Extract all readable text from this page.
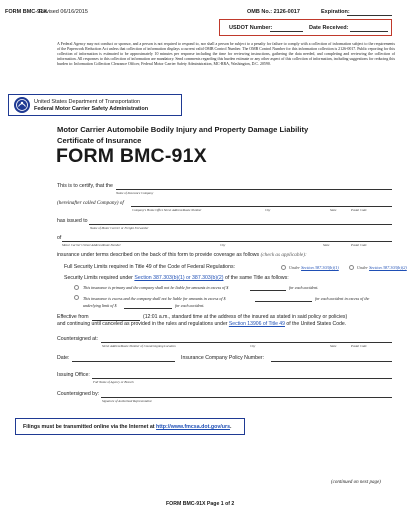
FORM BMC-91X
Revised 06/16/2015	OMB No.: 2126-0017	Expiration:
USDOT Number:	Date Received:
A Federal Agency may not conduct or sponsor, and a person is not required to respond to, nor shall a person be subject to a penalty for failure to comply with a collection of information subject to the requirements of the Paperwork Reduction Act unless that collection of information displays a current valid OMB Control Number. The OMB Control Number for this information collection is 2126-0017. Public reporting for this collection of information is estimated to be approximately 10 minutes per response including the time for reviewing instructions, gathering the data needed, and completing and reviewing the collection of information. All responses to this collection of information are mandatory. Send comments regarding this burden estimate or any other aspect of this collection of information, including suggestions for reducing this burden to: Information Collection Clearance Officer, Federal Motor Carrier Safety Administration, MC-RRA, Washington, D.C. 20590.
United States Department of Transportation
Federal Motor Carrier Safety Administration
Motor Carrier Automobile Bodily Injury and Property Damage Liability
Certificate of Insurance
FORM BMC-91X
This is to certify, that the
Name of Insurance Company
(hereinafter called Company) of
Company's Home Office Street Address/Route Number	City	State	Postal Code
has issued to
Name of Motor Carrier or Freight Forwarder
of
Motor Carrier's Street Address/Route Number	City	State	Postal Code
insurance under terms described on the back of this form to provide coverage as follows (check as applicable):
Full Security Limits required in Title 49 of the Code of Federal Regulations:	Under Section 387.303(b)(1)	Under Section 387.303(b)(2)
Security Limits required under Section 387.303(b)(1) or 387.303(b)(2) of the same Title as follows:
This insurance is primary and the company shall not be liable for amounts in excess of $	for each accident.
This insurance is excess and the company shall not be liable for amounts in excess of $	for each accident in excess of the
underlying limit of $	for each accident.
Effective from	(12:01 a.m., standard time at the address of the insured as stated in said policy or policies)
and continuing until canceled as provided in the rules and regulations under Section 13906 of Title 49 of the United States Code.
Countersigned at:
Street Address/Route Number of Countersigning Location	City	State	Postal Code
Date:	Insurance Company Policy Number:
Issuing Office:
Full Name of Agency or Branch
Countersigned by:
Signature of Authorized Representative
Filings must be transmitted online via the Internet at http://www.fmcsa.dot.gov/urs.
(continued on next page)
FORM BMC-91X Page 1 of 2
